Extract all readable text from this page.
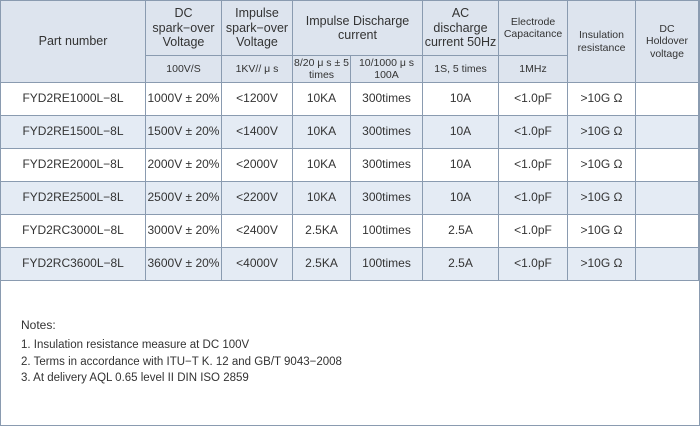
Part number	DC spark−over Voltage	Impulse spark−over Voltage	Impulse Discharge current		AC discharge current 50Hz	Electrode Capacitance	Insulation resistance	DC Holdover voltage
	100V/S	1KV// μ s	8/20 μ s ± 5 times	10/1000 μ s 100A	1S, 5 times	1MHz		
FYD2RE1000L−8L	1000V ± 20%	<1200V	10KA	300times	10A	<1.0pF	>10G Ω	
FYD2RE1500L−8L	1500V ± 20%	<1400V	10KA	300times	10A	<1.0pF	>10G Ω	
FYD2RE2000L−8L	2000V ± 20%	<2000V	10KA	300times	10A	<1.0pF	>10G Ω	
FYD2RE2500L−8L	2500V ± 20%	<2200V	10KA	300times	10A	<1.0pF	>10G Ω	
FYD2RC3000L−8L	3000V ± 20%	<2400V	2.5KA	100times	2.5A	<1.0pF	>10G Ω	
FYD2RC3600L−8L	3600V ± 20%	<4000V	2.5KA	100times	2.5A	<1.0pF	>10G Ω	
Notes:
1. Insulation resistance measure at DC 100V
2. Terms in accordance with ITU−T K. 12 and GB/T 9043−2008
3. At delivery AQL 0.65 level II DIN ISO 2859
